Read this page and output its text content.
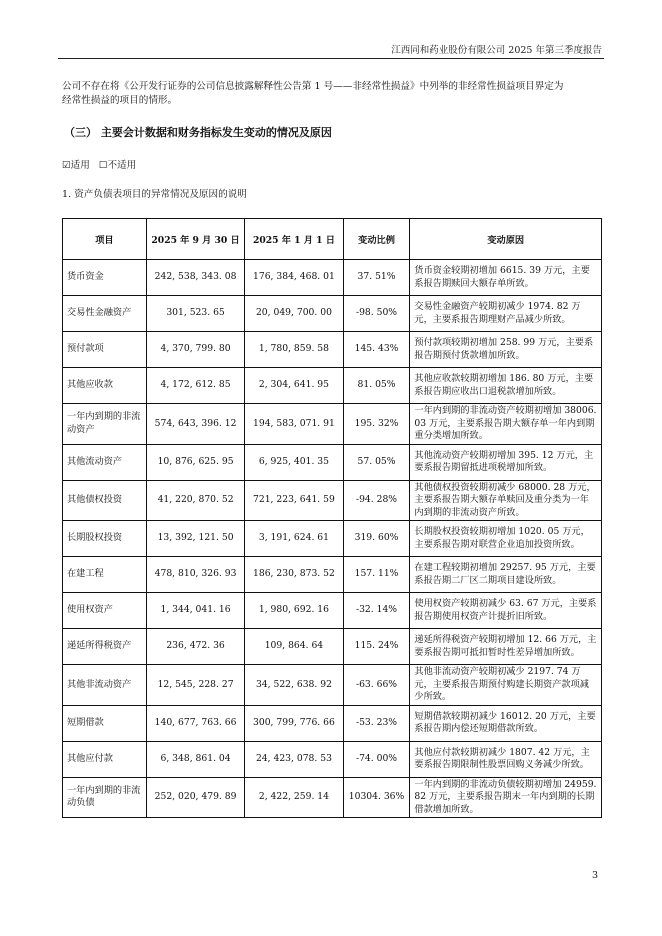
江西同和药业股份有限公司 2025 年第三季度报告
公司不存在将《公开发行证券的公司信息披露解释性公告第 1 号——非经常性损益》中列举的非经常性损益项目界定为
经常性损益的项目的情形。
（三） 主要会计数据和财务指标发生变动的情况及原因
☑适用 ☐不适用
1. 资产负债表项目的异常情况及原因的说明
项目	2025 年 9 月 30 日	2025 年 1 月 1 日	变动比例	变动原因
货币资金	242, 538, 343. 08	176, 384, 468. 01	37. 51%	货币资金较期初增加 6615. 39 万元，主要系报告期赎回大额存单所致。
交易性金融资产	301, 523. 65	20, 049, 700. 00	-98. 50%	交易性金融资产较期初减少 1974. 82 万元，主要系报告期理财产品减少所致。
预付款项	4, 370, 799. 80	1, 780, 859. 58	145. 43%	预付款项较期初增加 258. 99 万元，主要系报告期预付货款增加所致。
其他应收款	4, 172, 612. 85	2, 304, 641. 95	81. 05%	其他应收款较期初增加 186. 80 万元，主要系报告期应收出口退税款增加所致。
一年内到期的非流动资产	574, 643, 396. 12	194, 583, 071. 91	195. 32%	一年内到期的非流动资产较期初增加 38006. 03 万元，主要系报告期大额存单一年内到期重分类增加所致。
其他流动资产	10, 876, 625. 95	6, 925, 401. 35	57. 05%	其他流动资产较期初增加 395. 12 万元，主要系报告期留抵进项税增加所致。
其他债权投资	41, 220, 870. 52	721, 223, 641. 59	-94. 28%	其他债权投资较期初减少 68000. 28 万元，主要系报告期大额存单赎回及重分类为一年内到期的非流动资产所致。
长期股权投资	13, 392, 121. 50	3, 191, 624. 61	319. 60%	长期股权投资较期初增加 1020. 05 万元，主要系报告期对联营企业追加投资所致。
在建工程	478, 810, 326. 93	186, 230, 873. 52	157. 11%	在建工程较期初增加 29257. 95 万元，主要系报告期二厂区二期项目建设所致。
使用权资产	1, 344, 041. 16	1, 980, 692. 16	-32. 14%	使用权资产较期初减少 63. 67 万元，主要系报告期使用权资产计提折旧所致。
递延所得税资产	236, 472. 36	109, 864. 64	115. 24%	递延所得税资产较期初增加 12. 66 万元，主要系报告期可抵扣暂时性差异增加所致。
其他非流动资产	12, 545, 228. 27	34, 522, 638. 92	-63. 66%	其他非流动资产较期初减少 2197. 74 万元，主要系报告期预付购建长期资产款项减少所致。
短期借款	140, 677, 763. 66	300, 799, 776. 66	-53. 23%	短期借款较期初减少 16012. 20 万元，主要系报告期内偿还短期借款所致。
其他应付款	6, 348, 861. 04	24, 423, 078. 53	-74. 00%	其他应付款较期初减少 1807. 42 万元，主要系报告期限制性股票回购义务减少所致。
一年内到期的非流动负债	252, 020, 479. 89	2, 422, 259. 14	10304. 36%	一年内到期的非流动负债较期初增加 24959. 82 万元，主要系报告期末一年内到期的长期借款增加所致。
3
